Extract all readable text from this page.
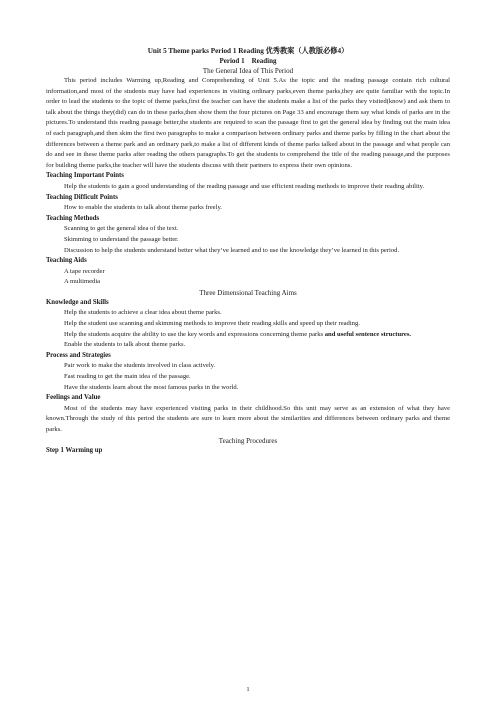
Unit 5 Theme parks Period 1 Reading 优秀教案（人教版必修4）

Period 1    Reading

The General Idea of This Period

This period includes Warming up,Reading and Comprehending of Unit 5.As the topic and the reading passage contain rich cultural information,and most of the students may have had experiences in visiting ordinary parks,even theme parks,they are quite familiar with the topic.In order to lead the students to the topic of theme parks,first the teacher can have the students make a list of the parks they visited(know) and ask them to talk about the things they(did) can do in these parks,then show them the four pictures on Page 33 and encourage them say what kinds of parks are in the pictures.To understand this reading passage better,the students are required to scan the passage first to get the general idea by finding out the main idea of each paragraph,and then skim the first two paragraphs to make a comparison between ordinary parks and theme parks by filling in the chart about the differences between a theme park and an ordinary park,to make a list of different kinds of theme parks talked about in the passage and what people can do and see in these theme parks after reading the others paragraphs.To get the students to comprehend the title of the reading passage,and the purposes for building theme parks,the teacher will have the students discuss with their partners to express their own opinions.

Teaching Important Points

Help the students to gain a good understanding of the reading passage and use efficient reading methods to improve their reading ability.

Teaching Difficult Points

How to enable the students to talk about theme parks freely.

Teaching Methods

Scanning to get the general idea of the text.

Skimming to understand the passage better.

Discussion to help the students understand better what they’ve learned and to use the knowledge they’ve learned in this period.

Teaching Aids

A tape recorder

A multimedia

Three Dimensional Teaching Aims

Knowledge and Skills

Help the students to achieve a clear idea about theme parks.

Help the student use scanning and skimming methods to improve their reading skills and speed up their reading.

Help the students acquire the ability to use the key words and expressions concerning theme parks and useful sentence structures.

Enable the students to talk about theme parks.

Process and Strategies

Pair work to make the students involved in class actively.

Fast reading to get the main idea of the passage.

Have the students learn about the most famous parks in the world.

Feelings and Value

Most of the students may have experienced visiting parks in their childhood.So this unit may serve as an extension of what they have known.Through the study of this period the students are sure to learn more about the similarities and differences between ordinary parks and theme parks.

Teaching Procedures

Step 1 Warming up

1
